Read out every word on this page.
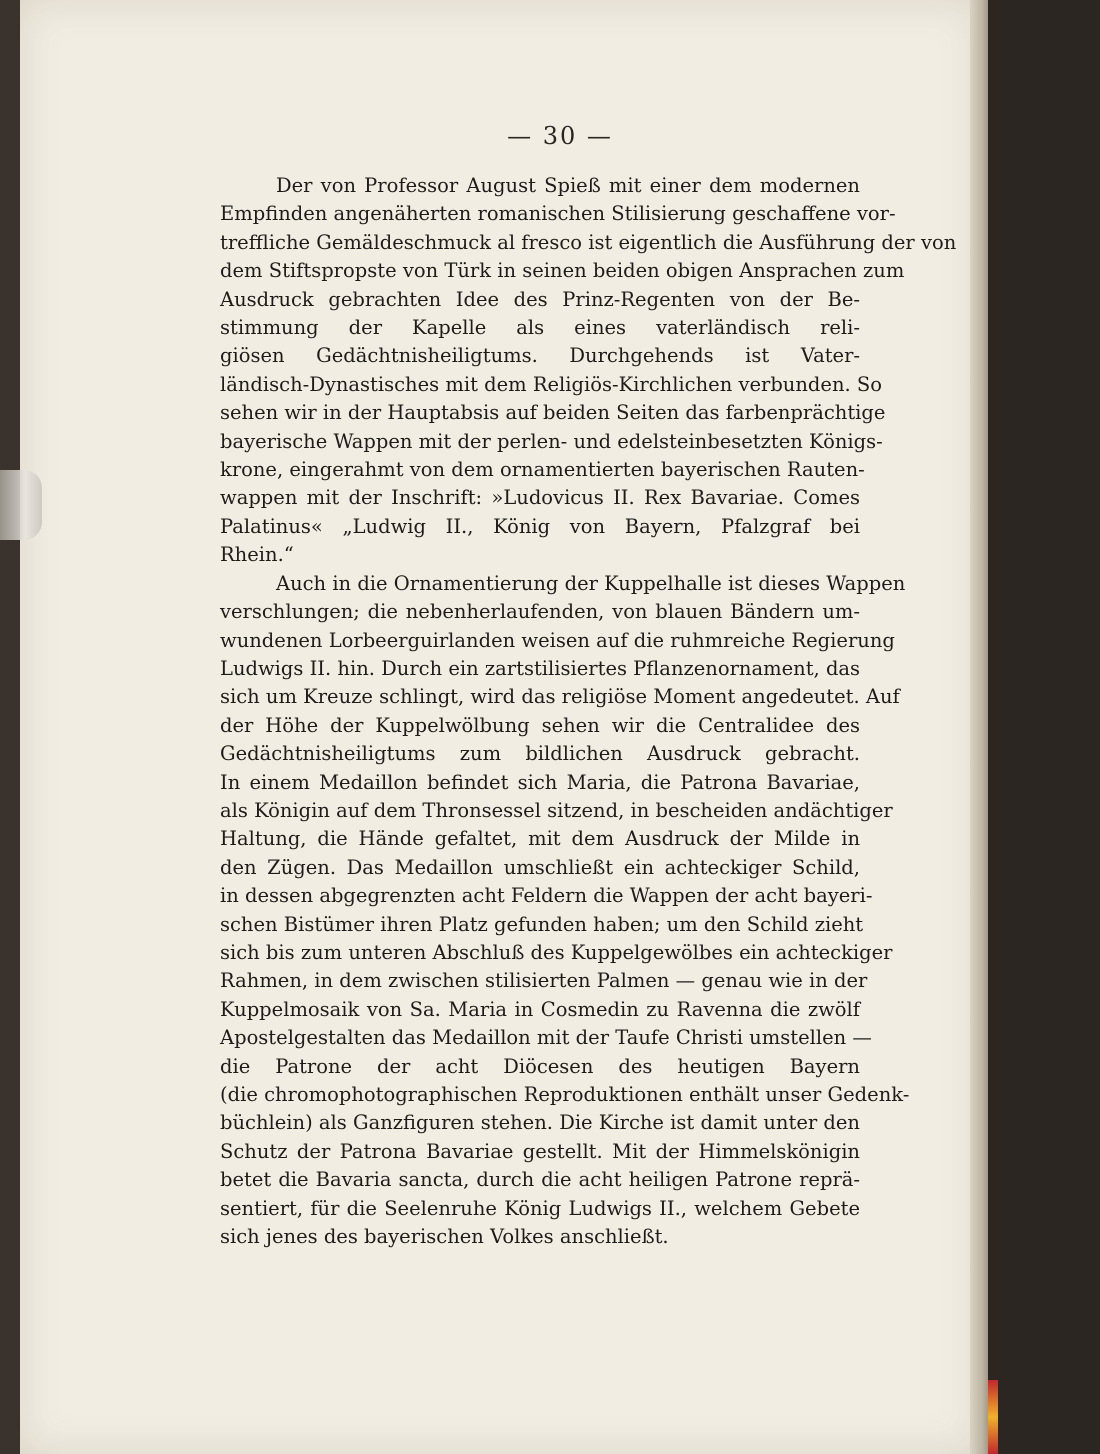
— 30 —
Der von Professor August Spieß mit einer dem modernen
Empfinden angenäherten romanischen Stilisierung geschaffene vor-
treffliche Gemäldeschmuck al fresco ist eigentlich die Ausführung der von
dem Stiftspropste von Türk in seinen beiden obigen Ansprachen zum
Ausdruck gebrachten Idee des Prinz-Regenten von der Be-
stimmung der Kapelle als eines vaterländisch reli-
giösen Gedächtnisheiligtums. Durchgehends ist Vater-
ländisch-Dynastisches mit dem Religiös-Kirchlichen verbunden. So
sehen wir in der Hauptabsis auf beiden Seiten das farbenprächtige
bayerische Wappen mit der perlen- und edelsteinbesetzten Königs-
krone, eingerahmt von dem ornamentierten bayerischen Rauten-
wappen mit der Inschrift: »Ludovicus II. Rex Bavariae. Comes
Palatinus« „Ludwig II., König von Bayern, Pfalzgraf bei
Rhein.“
Auch in die Ornamentierung der Kuppelhalle ist dieses Wappen
verschlungen; die nebenherlaufenden, von blauen Bändern um-
wundenen Lorbeerguirlanden weisen auf die ruhmreiche Regierung
Ludwigs II. hin. Durch ein zartstilisiertes Pflanzenornament, das
sich um Kreuze schlingt, wird das religiöse Moment angedeutet. Auf
der Höhe der Kuppelwölbung sehen wir die Centralidee des
Gedächtnisheiligtums zum bildlichen Ausdruck gebracht.
In einem Medaillon befindet sich Maria, die Patrona Bavariae,
als Königin auf dem Thronsessel sitzend, in bescheiden andächtiger
Haltung, die Hände gefaltet, mit dem Ausdruck der Milde in
den Zügen. Das Medaillon umschließt ein achteckiger Schild,
in dessen abgegrenzten acht Feldern die Wappen der acht bayeri-
schen Bistümer ihren Platz gefunden haben; um den Schild zieht
sich bis zum unteren Abschluß des Kuppelgewölbes ein achteckiger
Rahmen, in dem zwischen stilisierten Palmen — genau wie in der
Kuppelmosaik von Sa. Maria in Cosmedin zu Ravenna die zwölf
Apostelgestalten das Medaillon mit der Taufe Christi umstellen —
die Patrone der acht Diöcesen des heutigen Bayern
(die chromophotographischen Reproduktionen enthält unser Gedenk-
büchlein) als Ganzfiguren stehen. Die Kirche ist damit unter den
Schutz der Patrona Bavariae gestellt. Mit der Himmelskönigin
betet die Bavaria sancta, durch die acht heiligen Patrone reprä-
sentiert, für die Seelenruhe König Ludwigs II., welchem Gebete
sich jenes des bayerischen Volkes anschließt.
